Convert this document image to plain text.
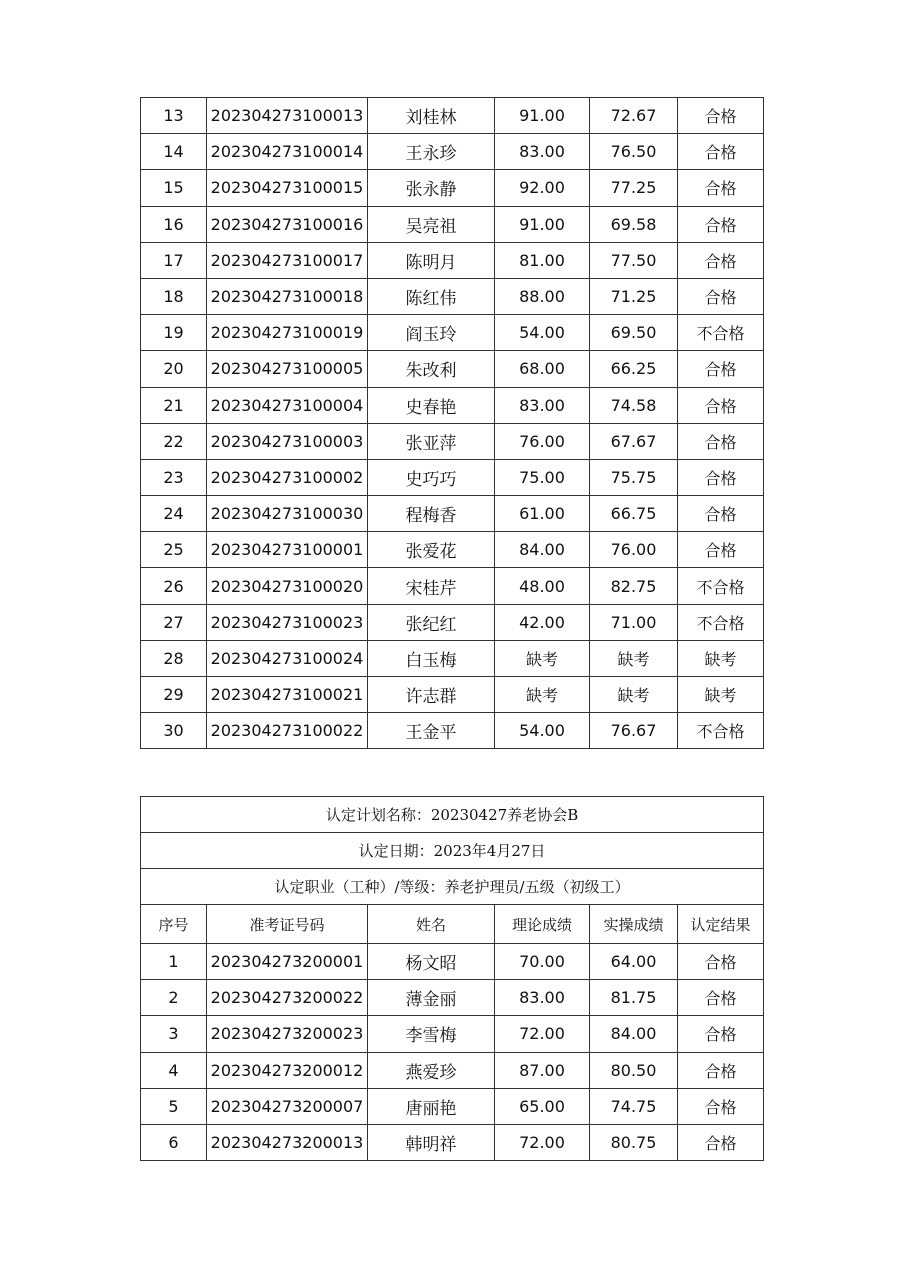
13	202304273100013	刘桂林	91.00	72.67	合格
14	202304273100014	王永珍	83.00	76.50	合格
15	202304273100015	张永静	92.00	77.25	合格
16	202304273100016	吴亮祖	91.00	69.58	合格
17	202304273100017	陈明月	81.00	77.50	合格
18	202304273100018	陈红伟	88.00	71.25	合格
19	202304273100019	阎玉玲	54.00	69.50	不合格
20	202304273100005	朱改利	68.00	66.25	合格
21	202304273100004	史春艳	83.00	74.58	合格
22	202304273100003	张亚萍	76.00	67.67	合格
23	202304273100002	史巧巧	75.00	75.75	合格
24	202304273100030	程梅香	61.00	66.75	合格
25	202304273100001	张爱花	84.00	76.00	合格
26	202304273100020	宋桂芹	48.00	82.75	不合格
27	202304273100023	张纪红	42.00	71.00	不合格
28	202304273100024	白玉梅	缺考	缺考	缺考
29	202304273100021	许志群	缺考	缺考	缺考
30	202304273100022	王金平	54.00	76.67	不合格
认定计划名称：20230427养老协会B					
认定日期：2023年4月27日					
认定职业（工种）/等级：养老护理员/五级（初级工）					
序号	准考证号码	姓名	理论成绩	实操成绩	认定结果
1	202304273200001	杨文昭	70.00	64.00	合格
2	202304273200022	薄金丽	83.00	81.75	合格
3	202304273200023	李雪梅	72.00	84.00	合格
4	202304273200012	燕爱珍	87.00	80.50	合格
5	202304273200007	唐丽艳	65.00	74.75	合格
6	202304273200013	韩明祥	72.00	80.75	合格
